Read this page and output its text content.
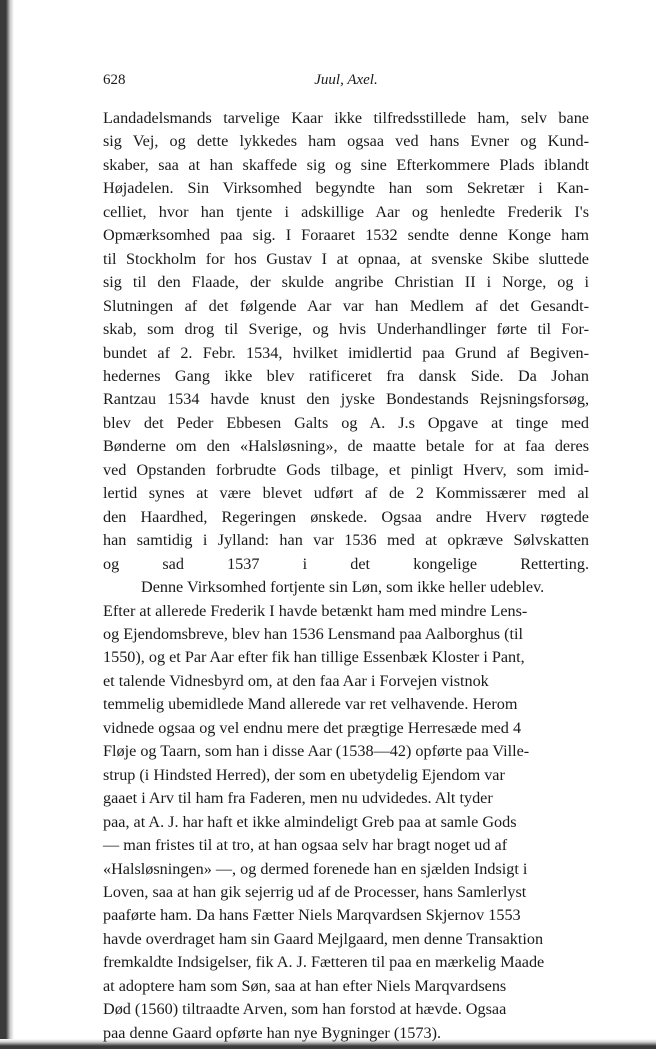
628	Juul, Axel.

Landadelsmands tarvelige Kaar ikke tilfredsstillede ham, selv bane
sig Vej, og dette lykkedes ham ogsaa ved hans Evner og Kund-
skaber, saa at han skaffede sig og sine Efterkommere Plads iblandt
Højadelen. Sin Virksomhed begyndte han som Sekretær i Kan-
celliet, hvor han tjente i adskillige Aar og henledte Frederik I's
Opmærksomhed paa sig. I Foraaret 1532 sendte denne Konge ham
til Stockholm for hos Gustav I at opnaa, at svenske Skibe sluttede
sig til den Flaade, der skulde angribe Christian II i Norge, og i
Slutningen af det følgende Aar var han Medlem af det Gesandt-
skab, som drog til Sverige, og hvis Underhandlinger førte til For-
bundet af 2. Febr. 1534, hvilket imidlertid paa Grund af Begiven-
hedernes Gang ikke blev ratificeret fra dansk Side. Da Johan
Rantzau 1534 havde knust den jyske Bondestands Rejsningsforsøg,
blev det Peder Ebbesen Galts og A. J.s Opgave at tinge med
Bønderne om den «Halsløsning», de maatte betale for at faa deres
ved Opstanden forbrudte Gods tilbage, et pinligt Hverv, som imid-
lertid synes at være blevet udført af de 2 Kommissærer med al
den Haardhed, Regeringen ønskede. Ogsaa andre Hverv røgtede
han samtidig i Jylland: han var 1536 med at opkræve Sølvskatten
og sad 1537 i det kongelige Retterting.

Denne Virksomhed fortjente sin Løn, som ikke heller udeblev.
Efter at allerede Frederik I havde betænkt ham med mindre Lens-
og Ejendomsbreve, blev han 1536 Lensmand paa Aalborghus (til
1550), og et Par Aar efter fik han tillige Essenbæk Kloster i Pant,
et talende Vidnesbyrd om, at den faa Aar i Forvejen vistnok
temmelig ubemidlede Mand allerede var ret velhavende. Herom
vidnede ogsaa og vel endnu mere det prægtige Herresæde med 4
Fløje og Taarn, som han i disse Aar (1538—42) opførte paa Ville-
strup (i Hindsted Herred), der som en ubetydelig Ejendom var
gaaet i Arv til ham fra Faderen, men nu udvidedes. Alt tyder
paa, at A. J. har haft et ikke almindeligt Greb paa at samle Gods
— man fristes til at tro, at han ogsaa selv har bragt noget ud af
«Halsløsningen» —, og dermed forenede han en sjælden Indsigt i
Loven, saa at han gik sejerrig ud af de Processer, hans Samlerlyst
paaførte ham. Da hans Fætter Niels Marqvardsen Skjernov 1553
havde overdraget ham sin Gaard Mejlgaard, men denne Transaktion
fremkaldte Indsigelser, fik A. J. Fætteren til paa en mærkelig Maade
at adoptere ham som Søn, saa at han efter Niels Marqvardsens
Død (1560) tiltraadte Arven, som han forstod at hævde. Ogsaa
paa denne Gaard opførte han nye Bygninger (1573).
